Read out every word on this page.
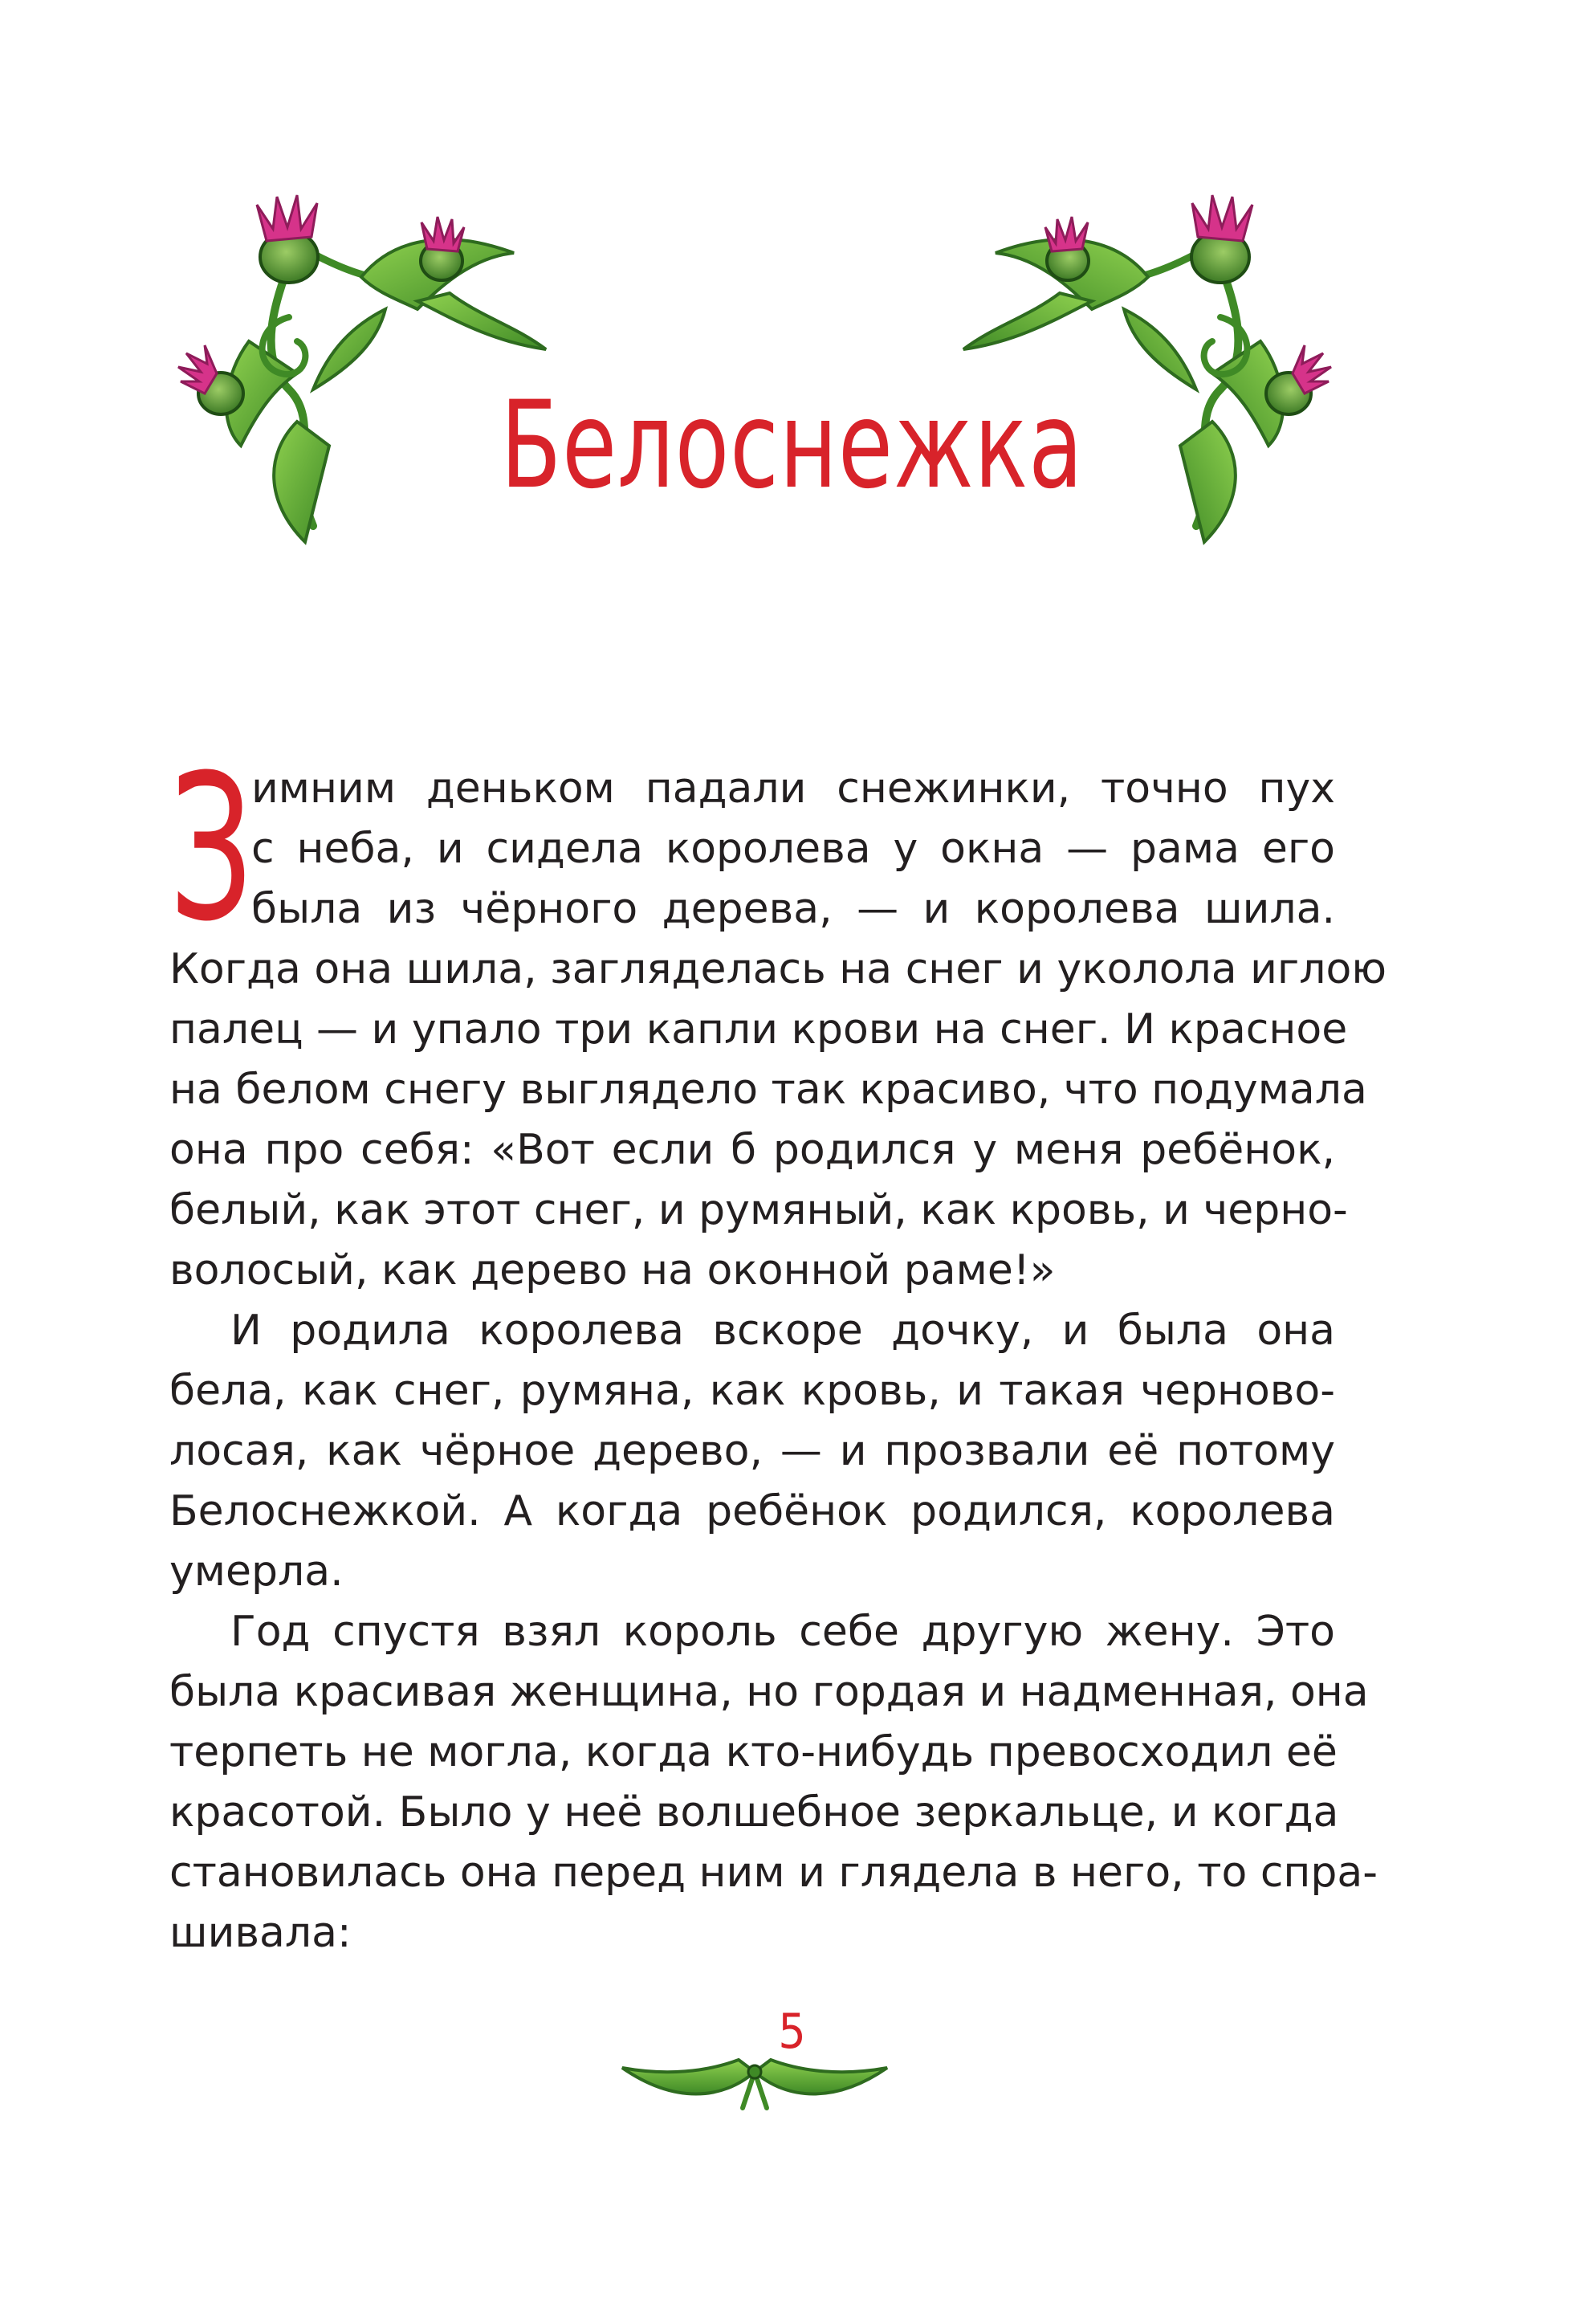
Белоснежка
З
имним деньком падали снежинки, точно пух
с неба, и сидела королева у окна — рама его
была из чёрного дерева, — и королева шила.
Когда она шила, загляделась на снег и уколола иглою
палец — и упало три капли крови на снег. И красное
на белом снегу выглядело так красиво, что подумала
она про себя: «Вот если б родился у меня ребёнок,
белый, как этот снег, и румяный, как кровь, и черно-
волосый, как дерево на оконной раме!»
И родила королева вскоре дочку, и была она
бела, как снег, румяна, как кровь, и такая черново-
лосая, как чёрное дерево, — и прозвали её потому
Белоснежкой. А когда ребёнок родился, королева
умерла.
Год спустя взял король себе другую жену. Это
была красивая женщина, но гордая и надменная, она
терпеть не могла, когда кто-нибудь превосходил её
красотой. Было у неё волшебное зеркальце, и когда
становилась она перед ним и глядела в него, то спра-
шивала:
5
